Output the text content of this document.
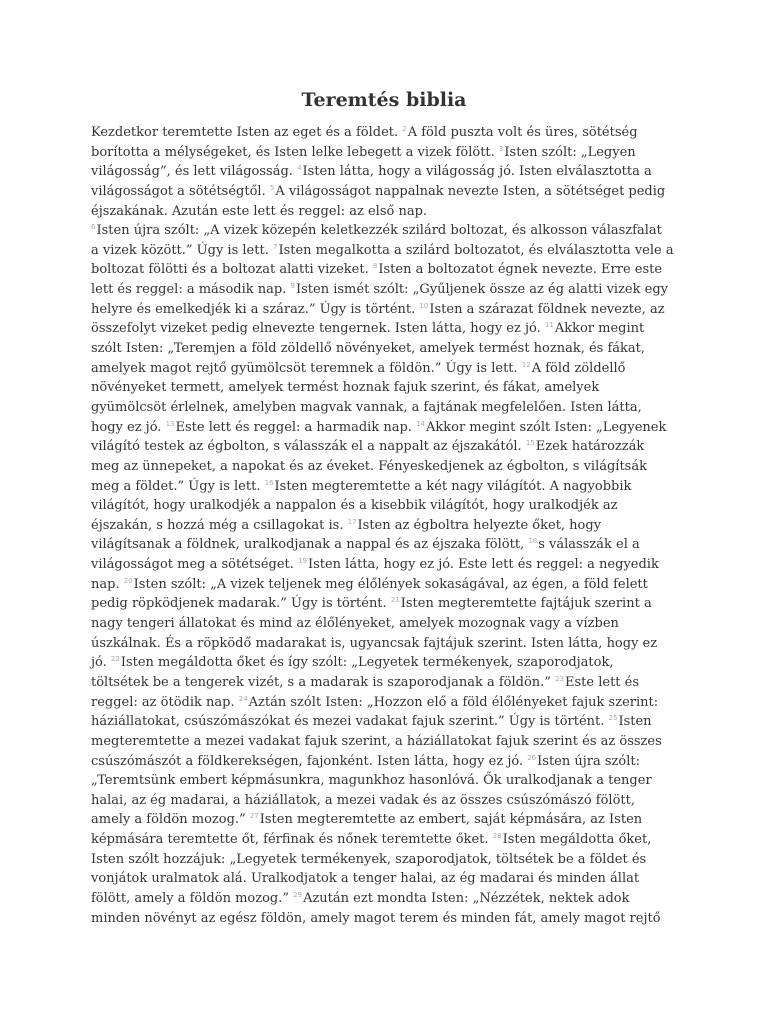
Teremtés biblia
Kezdetkor teremtette Isten az eget és a földet. $^2$A föld puszta volt és üres, sötétség
borította a mélységeket, és Isten lelke lebegett a vizek fölött. $^3$Isten szólt: „Legyen
világosság”, és lett világosság. $^4$Isten látta, hogy a világosság jó. Isten elválasztotta a
világosságot a sötétségtől. $^5$A világosságot nappalnak nevezte Isten, a sötétséget pedig
éjszakának. Azután este lett és reggel: az első nap.
$^6$Isten újra szólt: „A vizek közepén keletkezzék szilárd boltozat, és alkosson válaszfalat
a vizek között.” Úgy is lett. $^7$Isten megalkotta a szilárd boltozatot, és elválasztotta vele a
boltozat fölötti és a boltozat alatti vizeket. $^8$Isten a boltozatot égnek nevezte. Erre este
lett és reggel: a második nap. $^9$Isten ismét szólt: „Gyűljenek össze az ég alatti vizek egy
helyre és emelkedjék ki a száraz.” Úgy is történt. $^{10}$Isten a szárazat földnek nevezte, az
összefolyt vizeket pedig elnevezte tengernek. Isten látta, hogy ez jó. $^{11}$Akkor megint
szólt Isten: „Teremjen a föld zöldellő növényeket, amelyek termést hoznak, és fákat,
amelyek magot rejtő gyümölcsöt teremnek a földön.” Úgy is lett. $^{12}$A föld zöldellő
növényeket termett, amelyek termést hoznak fajuk szerint, és fákat, amelyek
gyümölcsöt érlelnek, amelyben magvak vannak, a fajtának megfelelően. Isten látta,
hogy ez jó. $^{13}$Este lett és reggel: a harmadik nap. $^{14}$Akkor megint szólt Isten: „Legyenek
világító testek az égbolton, s válasszák el a nappalt az éjszakától. $^{15}$Ezek határozzák
meg az ünnepeket, a napokat és az éveket. Fényeskedjenek az égbolton, s világítsák
meg a földet.” Úgy is lett. $^{16}$Isten megteremtette a két nagy világítót. A nagyobbik
világítót, hogy uralkodjék a nappalon és a kisebbik világítót, hogy uralkodjék az
éjszakán, s hozzá még a csillagokat is. $^{17}$Isten az égboltra helyezte őket, hogy
világítsanak a földnek, uralkodjanak a nappal és az éjszaka fölött, $^{18}$s válasszák el a
világosságot meg a sötétséget. $^{19}$Isten látta, hogy ez jó. Este lett és reggel: a negyedik
nap. $^{20}$Isten szólt: „A vizek teljenek meg élőlények sokaságával, az égen, a föld felett
pedig röpködjenek madarak.” Úgy is történt. $^{21}$Isten megteremtette fajtájuk szerint a
nagy tengeri állatokat és mind az élőlényeket, amelyek mozognak vagy a vízben
úszkálnak. És a röpködő madarakat is, ugyancsak fajtájuk szerint. Isten látta, hogy ez
jó. $^{22}$Isten megáldotta őket és így szólt: „Legyetek termékenyek, szaporodjatok,
töltsétek be a tengerek vizét, s a madarak is szaporodjanak a földön.” $^{23}$Este lett és
reggel: az ötödik nap. $^{24}$Aztán szólt Isten: „Hozzon elő a föld élőlényeket fajuk szerint:
háziállatokat, csúszómászókat és mezei vadakat fajuk szerint.” Úgy is történt. $^{25}$Isten
megteremtette a mezei vadakat fajuk szerint, a háziállatokat fajuk szerint és az összes
csúszómászót a földkerekségen, fajonként. Isten látta, hogy ez jó. $^{26}$Isten újra szólt:
„Teremtsünk embert képmásunkra, magunkhoz hasonlóvá. Ők uralkodjanak a tenger
halai, az ég madarai, a háziállatok, a mezei vadak és az összes csúszómászó fölött,
amely a földön mozog.” $^{27}$Isten megteremtette az embert, saját képmására, az Isten
képmására teremtette őt, férfinak és nőnek teremtette őket. $^{28}$Isten megáldotta őket,
Isten szólt hozzájuk: „Legyetek termékenyek, szaporodjatok, töltsétek be a földet és
vonjátok uralmatok alá. Uralkodjatok a tenger halai, az ég madarai és minden állat
fölött, amely a földön mozog.” $^{29}$Azután ezt mondta Isten: „Nézzétek, nektek adok
minden növényt az egész földön, amely magot terem és minden fát, amely magot rejtő
